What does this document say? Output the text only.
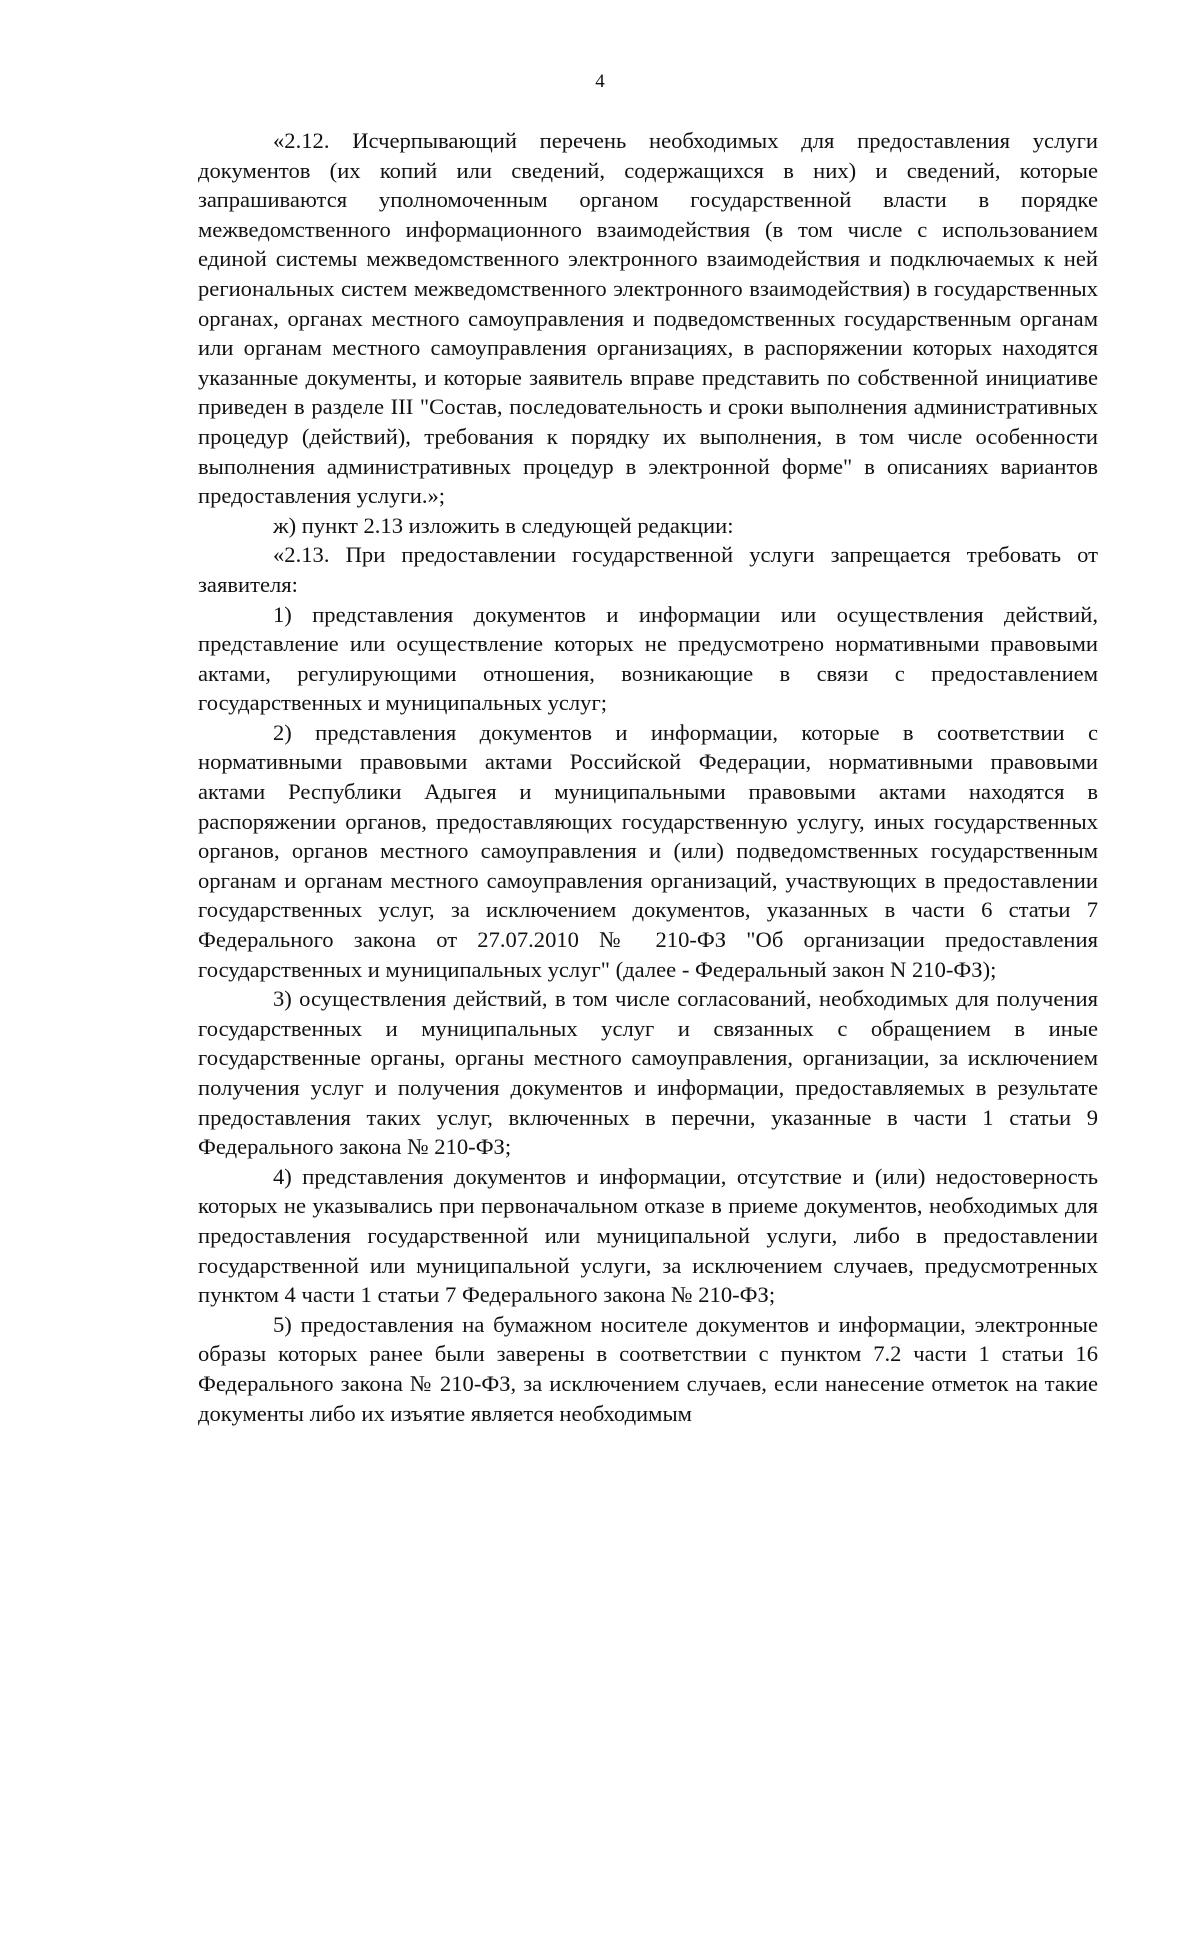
4

«2.12. Исчерпывающий перечень необходимых для предоставления услуги документов (их копий или сведений, содержащихся в них) и сведений, которые запрашиваются уполномоченным органом государственной власти в порядке межведомственного информационного взаимодействия (в том числе с использованием единой системы межведомственного электронного взаимодействия и подключаемых к ней региональных систем межведомственного электронного взаимодействия) в государственных органах, органах местного самоуправления и подведомственных государственным органам или органам местного самоуправления организациях, в распоряжении которых находятся указанные документы, и которые заявитель вправе представить по собственной инициативе приведен в разделе III "Состав, последовательность и сроки выполнения административных процедур (действий), требования к порядку их выполнения, в том числе особенности выполнения административных процедур в электронной форме" в описаниях вариантов предоставления услуги.»;

ж) пункт 2.13 изложить в следующей редакции:

«2.13. При предоставлении государственной услуги запрещается требовать от заявителя:

1) представления документов и информации или осуществления действий, представление или осуществление которых не предусмотрено нормативными правовыми актами, регулирующими отношения, возникающие в связи с предоставлением государственных и муниципальных услуг;

2) представления документов и информации, которые в соответствии с нормативными правовыми актами Российской Федерации, нормативными правовыми актами Республики Адыгея и муниципальными правовыми актами находятся в распоряжении органов, предоставляющих государственную услугу, иных государственных органов, органов местного самоуправления и (или) подведомственных государственным органам и органам местного самоуправления организаций, участвующих в предоставлении государственных услуг, за исключением документов, указанных в части 6 статьи 7 Федерального закона от 27.07.2010 № 210-ФЗ "Об организации предоставления государственных и муниципальных услуг" (далее - Федеральный закон N 210-ФЗ);

3) осуществления действий, в том числе согласований, необходимых для получения государственных и муниципальных услуг и связанных с обращением в иные государственные органы, органы местного самоуправления, организации, за исключением получения услуг и получения документов и информации, предоставляемых в результате предоставления таких услуг, включенных в перечни, указанные в части 1 статьи 9 Федерального закона № 210-ФЗ;

4) представления документов и информации, отсутствие и (или) недостоверность которых не указывались при первоначальном отказе в приеме документов, необходимых для предоставления государственной или муниципальной услуги, либо в предоставлении государственной или муниципальной услуги, за исключением случаев, предусмотренных пунктом 4 части 1 статьи 7 Федерального закона № 210-ФЗ;

5) предоставления на бумажном носителе документов и информации, электронные образы которых ранее были заверены в соответствии с пунктом 7.2 части 1 статьи 16 Федерального закона № 210-ФЗ, за исключением случаев, если нанесение отметок на такие документы либо их изъятие является необходимым
